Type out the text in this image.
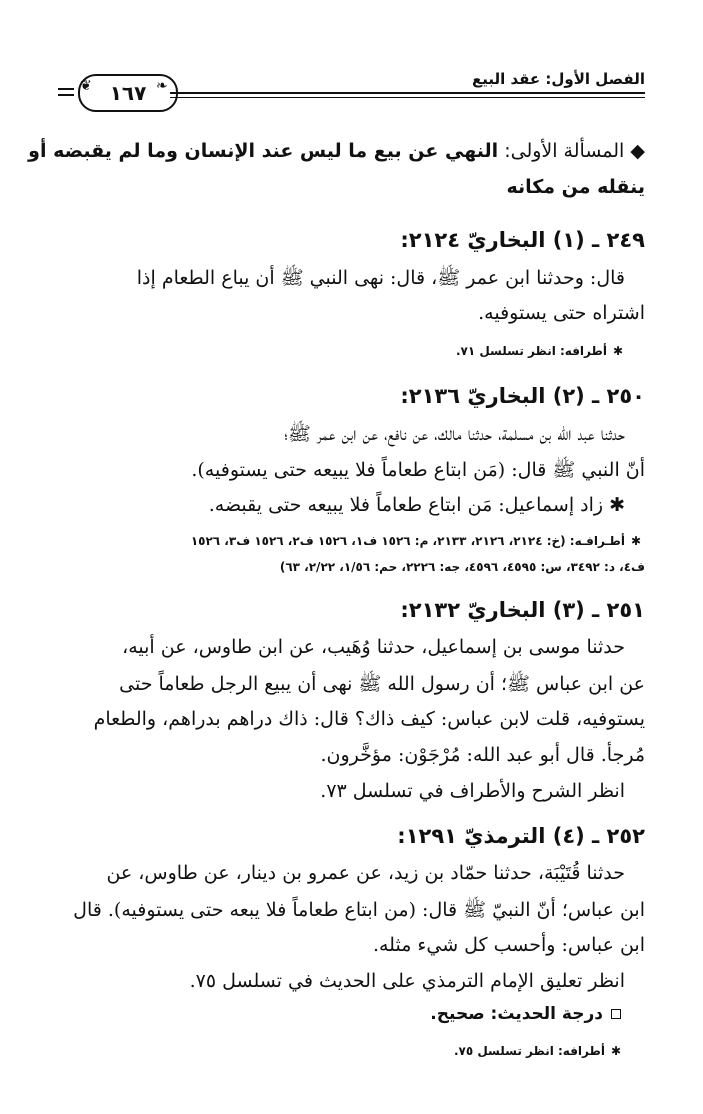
الفصل الأول: عقد البيع
١٦٧
❦	❧
◆ المسألة الأولى: النهي عن بيع ما ليس عند الإنسان وما لم يقبضه أو
ينقله من مكانه
٢٤٩ ـ (١) البخاريّ ٢١٢٤:
قال: وحدثنا ابن عمر ﷺ، قال: نهى النبي ﷺ أن يباع الطعام إذا
اشتراه حتى يستوفيه.
✱أطرافه: انظر تسلسل ٧١.
٢٥٠ ـ (٢) البخاريّ ٢١٣٦:
حدثنا عبد الله بن مسلمة، حدثنا مالك، عن نافع، عن ابن عمر ﷺ؛
أنّ النبي ﷺ قال: (مَن ابتاع طعاماً فلا يبيعه حتى يستوفيه).
✱زاد إسماعيل: مَن ابتاع طعاماً فلا يبيعه حتى يقبضه.
✱أطـرافـه: (خ: ٢١٢٤، ٢١٢٦، ٢١٣٣، م: ١٥٢٦ ف١، ١٥٢٦ ف٢، ١٥٢٦ ف٣، ١٥٢٦
ف٤، د: ٣٤٩٢، س: ٤٥٩٥، ٤٥٩٦، جه: ٢٢٢٦، حم: ١/٥٦، ٢/٢٢، ٦٣)
٢٥١ ـ (٣) البخاريّ ٢١٣٢:
حدثنا موسى بن إسماعيل، حدثنا وُهَيب، عن ابن طاوس، عن أبيه،
عن ابن عباس ﷺ؛ أن رسول الله ﷺ نهى أن يبيع الرجل طعاماً حتى
يستوفيه، قلت لابن عباس: كيف ذاك؟ قال: ذاك دراهم بدراهم، والطعام
مُرجأ. قال أبو عبد الله: مُرْجَوْن: مؤخَّرون.
انظر الشرح والأطراف في تسلسل ٧٣.
٢٥٢ ـ (٤) الترمذيّ ١٢٩١:
حدثنا قُتَيْبَة، حدثنا حمّاد بن زيد، عن عمرو بن دينار، عن طاوس، عن
ابن عباس؛ أنّ النبيّ ﷺ قال: (من ابتاع طعاماً فلا يبعه حتى يستوفيه). قال
ابن عباس: وأحسب كل شيء مثله.
انظر تعليق الإمام الترمذي على الحديث في تسلسل ٧٥.
درجة الحديث: صحيح.
✱أطرافه: انظر تسلسل ٧٥.
